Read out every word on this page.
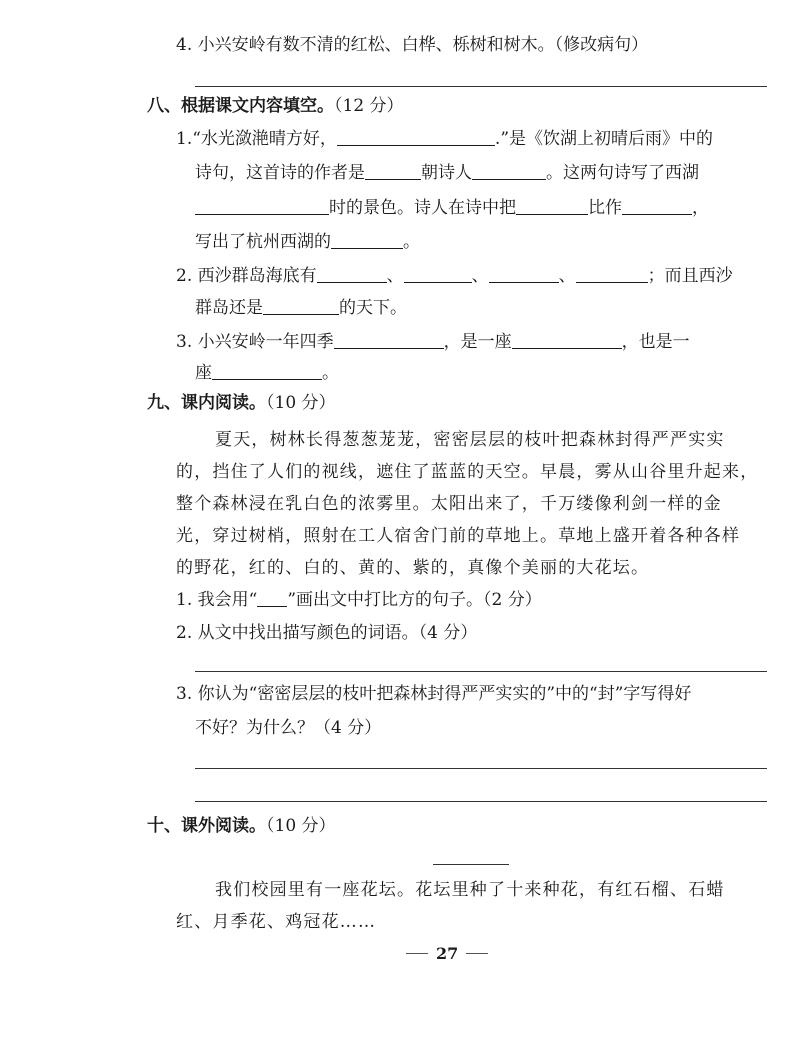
4. 小兴安岭有数不清的红松、白桦、栎树和树木。（修改病句）
八、根据课文内容填空。（12 分）
1.“水光潋滟晴方好，	.”是《饮湖上初晴后雨》中的
诗句，这首诗的作者是	朝诗人	。这两句诗写了西湖
时的景色。诗人在诗中把	比作	，
写出了杭州西湖的	。
2. 西沙群岛海底有	、	、	、	；而且西沙
群岛还是	的天下。
3. 小兴安岭一年四季	，是一座	，也是一
座	。
九、课内阅读。（10 分）
夏天，树林长得葱葱茏茏，密密层层的枝叶把森林封得严严实实
的，挡住了人们的视线，遮住了蓝蓝的天空。早晨，雾从山谷里升起来，
整个森林浸在乳白色的浓雾里。太阳出来了，千万缕像利剑一样的金
光，穿过树梢，照射在工人宿舍门前的草地上。草地上盛开着各种各样
的野花，红的、白的、黄的、紫的，真像个美丽的大花坛。
1. 我会用“ ”画出文中打比方的句子。（2 分）
2. 从文中找出描写颜色的词语。（4 分）
3. 你认为“密密层层的枝叶把森林封得严严实实的”中的“封”字写得好
不好？为什么？（4 分）
十、课外阅读。（10 分）
我们校园里有一座花坛。花坛里种了十来种花，有红石榴、石蜡
红、月季花、鸡冠花……
27
